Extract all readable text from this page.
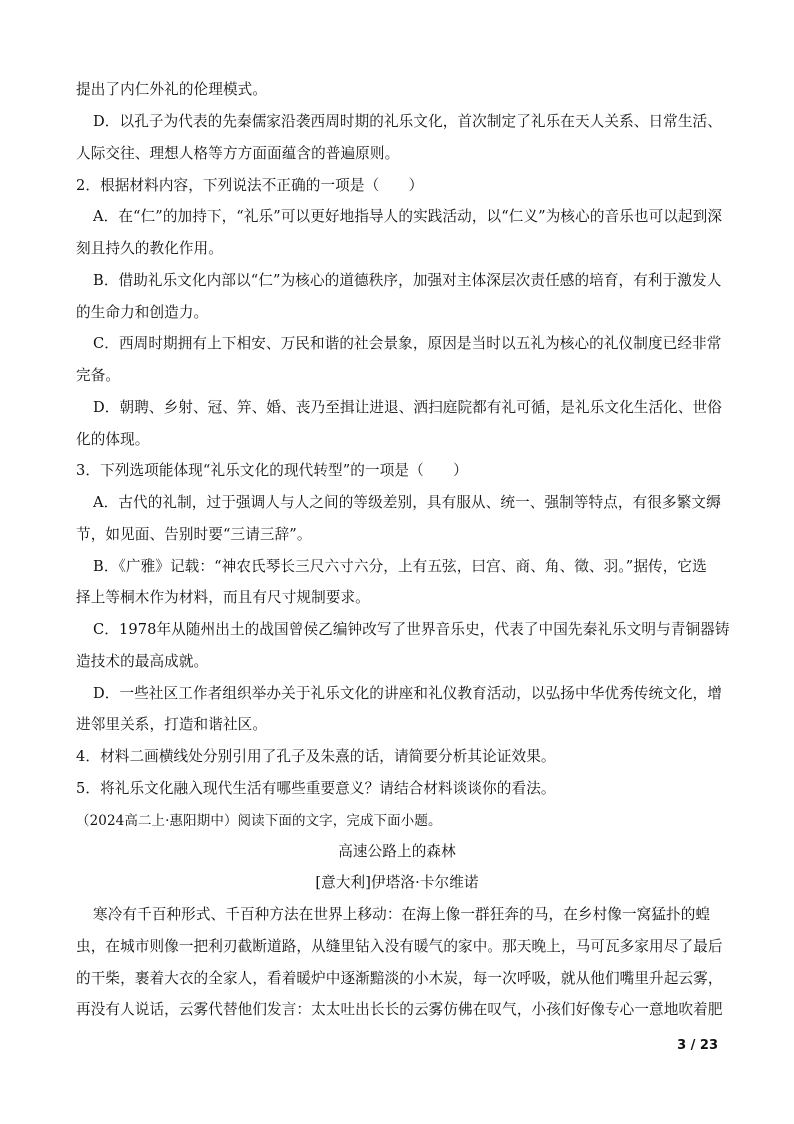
提出了内仁外礼的伦理模式。
D．以孔子为代表的先秦儒家沿袭西周时期的礼乐文化，首次制定了礼乐在天人关系、日常生活、
人际交往、理想人格等方方面面蕴含的普遍原则。
2．根据材料内容，下列说法不正确的一项是（　　）
A．在“仁”的加持下，“礼乐”可以更好地指导人的实践活动，以“仁义”为核心的音乐也可以起到深
刻且持久的教化作用。
B．借助礼乐文化内部以“仁”为核心的道德秩序，加强对主体深层次责任感的培育，有利于激发人
的生命力和创造力。
C．西周时期拥有上下相安、万民和谐的社会景象，原因是当时以五礼为核心的礼仪制度已经非常
完备。
D．朝聘、乡射、冠、笄、婚、丧乃至揖让进退、洒扫庭院都有礼可循，是礼乐文化生活化、世俗
化的体现。
3．下列选项能体现“礼乐文化的现代转型”的一项是（　　）
A．古代的礼制，过于强调人与人之间的等级差别，具有服从、统一、强制等特点，有很多繁文缛
节，如见面、告别时要“三请三辞”。
B．《广雅》记载：“神农氏琴长三尺六寸六分，上有五弦，曰宫、商、角、徵、羽。”据传，它选
择上等桐木作为材料，而且有尺寸规制要求。
C．1978年从随州出土的战国曾侯乙编钟改写了世界音乐史，代表了中国先秦礼乐文明与青铜器铸
造技术的最高成就。
D．一些社区工作者组织举办关于礼乐文化的讲座和礼仪教育活动，以弘扬中华优秀传统文化，增
进邻里关系，打造和谐社区。
4．材料二画横线处分别引用了孔子及朱熹的话，请简要分析其论证效果。
5．将礼乐文化融入现代生活有哪些重要意义？请结合材料谈谈你的看法。
（2024高二上·惠阳期中）阅读下面的文字，完成下面小题。
高速公路上的森林
[意大利]伊塔洛·卡尔维诺
寒冷有千百种形式、千百种方法在世界上移动：在海上像一群狂奔的马，在乡村像一窝猛扑的蝗
虫，在城市则像一把利刃截断道路，从缝里钻入没有暖气的家中。那天晚上，马可瓦多家用尽了最后
的干柴，裹着大衣的全家人，看着暖炉中逐渐黯淡的小木炭，每一次呼吸，就从他们嘴里升起云雾，
再没有人说话，云雾代替他们发言：太太吐出长长的云雾仿佛在叹气，小孩们好像专心一意地吹着肥
3 / 23
